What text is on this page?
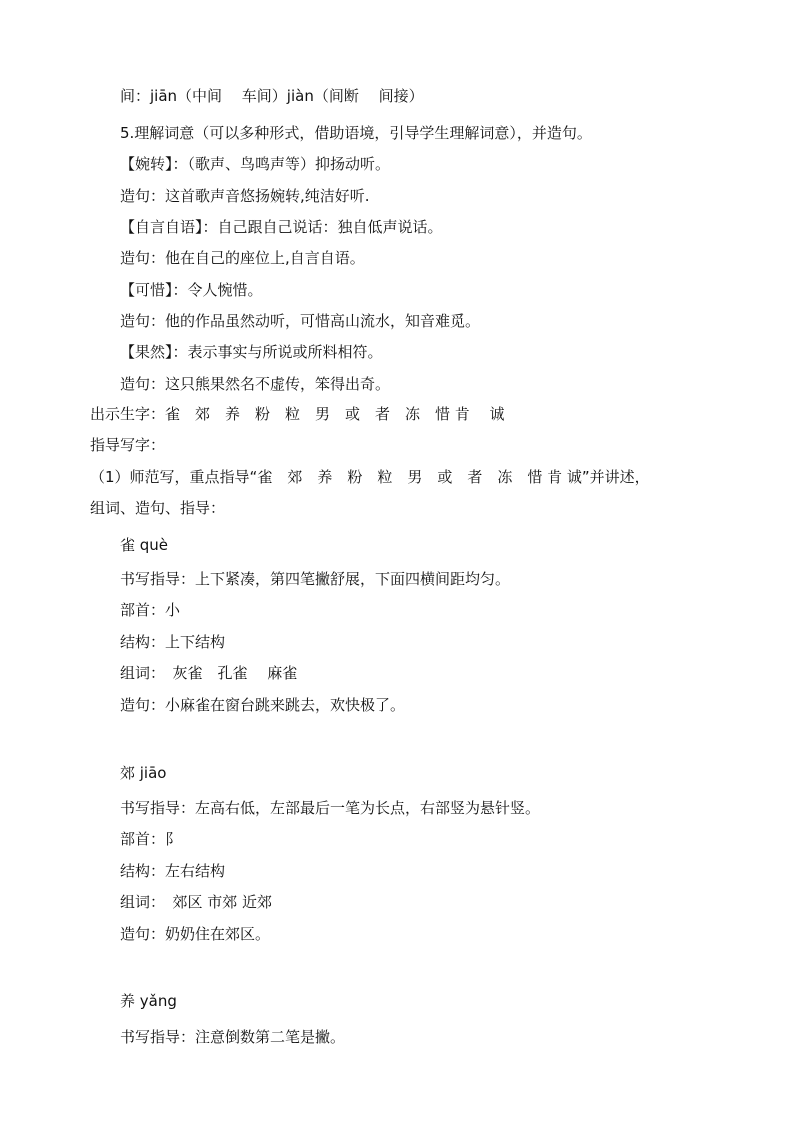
间：jiān（中间　 车间）jiàn（间断　 间接）
5.理解词意（可以多种形式，借助语境，引导学生理解词意），并造句。
【婉转】：（歌声、鸟鸣声等）抑扬动听。
造句：这首歌声音悠扬婉转,纯洁好听.
【自言自语】：自己跟自己说话：独自低声说话。
造句：他在自己的座位上,自言自语。
【可惜】：令人惋惜。
造句：他的作品虽然动听，可惜高山流水，知音难觅。
【果然】：表示事实与所说或所料相符。
造句：这只熊果然名不虚传，笨得出奇。
出示生字：雀　郊　养　粉　粒　男　或　者　冻　惜 肯　 诚
指导写字：
（1）师范写，重点指导“雀　郊　养　粉　粒　男　或　者　冻　惜 肯 诚”并讲述，
组词、造句、指导：
雀 què
书写指导：上下紧凑，第四笔撇舒展，下面四横间距均匀。
部首：小
结构：上下结构
组词：　灰雀　孔雀　 麻雀
造句：小麻雀在窗台跳来跳去，欢快极了。
郊 jiāo
书写指导：左高右低，左部最后一笔为长点，右部竖为悬针竖。
部首：阝
结构：左右结构
组词：　郊区 市郊 近郊
造句：奶奶住在郊区。
养 yǎng
书写指导：注意倒数第二笔是撇。
